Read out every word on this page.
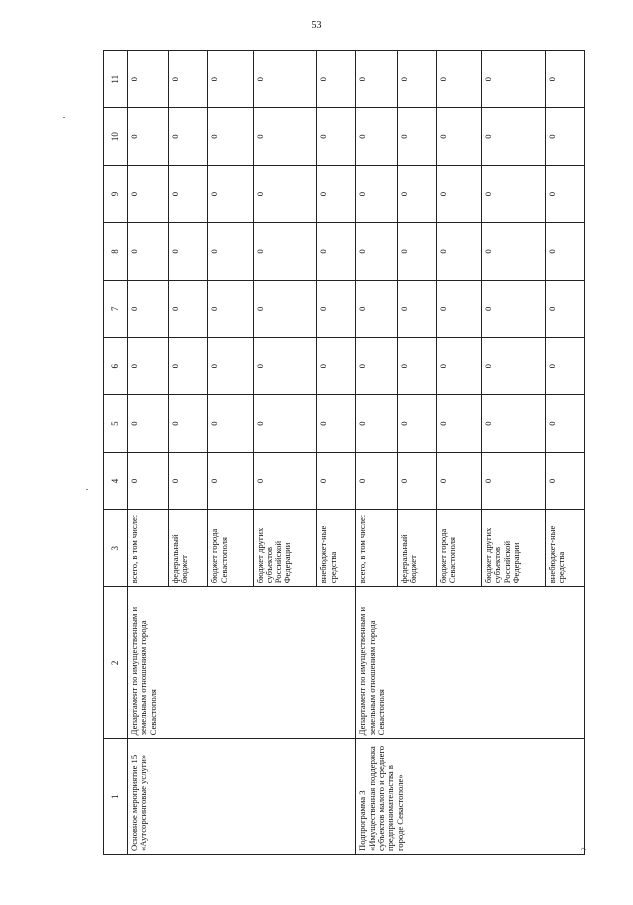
53
⌐
1	2	3	4	5	6	7	8	9	10	11
Основное мероприятие 15 «Аутсорсинговые услуги»	Департамент по имущественным и земельным отношениям города Севастополя	всего, в том числе:	0	0	0	0	0	0	0	0
		федеральный бюджет	0	0	0	0	0	0	0	0
		бюджет города Севастополя	0	0	0	0	0	0	0	0
		бюджет других субъектов Российской Федерации	0	0	0	0	0	0	0	0
		внебюджет-ные средства	0	0	0	0	0	0	0	0
Подпрограмма 3 «Имущественная поддержка субъектов малого и среднего предпринимательства в городе Севастополе»	Департамент по имущественным и земельным отношениям города Севастополя	всего, в том числе:	0	0	0	0	0	0	0	0
		федеральный бюджет	0	0	0	0	0	0	0	0
		бюджет города Севастополя	0	0	0	0	0	0	0	0
		бюджет других субъектов Российской Федерации	0	0	0	0	0	0	0	0
		внебюджет-ные средства	0	0	0	0	0	0	0	0
